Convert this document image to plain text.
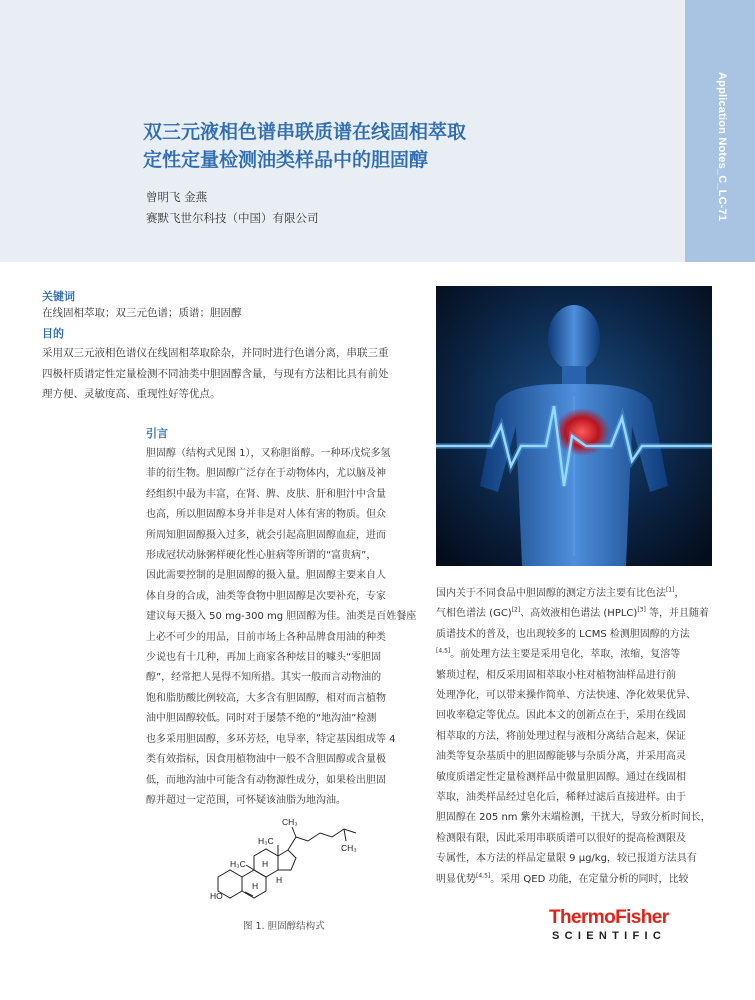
Application Notes_C_LC-71
双三元液相色谱串联质谱在线固相萃取
定性定量检测油类样品中的胆固醇
曾明飞 金燕
赛默飞世尔科技（中国）有限公司
关键词
在线固相萃取；双三元色谱；质谱；胆固醇
目的
采用双三元液相色谱仪在线固相萃取除杂，并同时进行色谱分离，串联三重
四极杆质谱定性定量检测不同油类中胆固醇含量，与现有方法相比具有前处
理方便、灵敏度高、重现性好等优点。
引言
胆固醇（结构式见图 1），又称胆甾醇。一种环戊烷多氢
菲的衍生物。胆固醇广泛存在于动物体内，尤以脑及神
经组织中最为丰富，在肾、脾、皮肤、肝和胆汁中含量
也高，所以胆固醇本身并非是对人体有害的物质。但众
所周知胆固醇摄入过多，就会引起高胆固醇血症，进而
形成冠状动脉粥样硬化性心脏病等所谓的“富贵病”，
因此需要控制的是胆固醇的摄入量。胆固醇主要来自人
体自身的合成，油类等食物中胆固醇是次要补充，专家
建议每天摄入 50 mg-300 mg 胆固醇为佳。油类是百姓餐座
上必不可少的用品，目前市场上各种品牌食用油的种类
少说也有十几种，再加上商家各种炫目的噱头“零胆固
醇”，经常把人晃得不知所措。其实一般而言动物油的
饱和脂肪酸比例较高，大多含有胆固醇，相对而言植物
油中胆固醇较低。同时对于屡禁不绝的“地沟油”检测
也多采用胆固醇，多环芳烃，电导率，特定基因组成等 4
类有效指标，因食用植物油中一般不含胆固醇或含量极
低，而地沟油中可能含有动物源性成分，如果检出胆固
醇并超过一定范围，可怀疑该油脂为地沟油。
国内关于不同食品中胆固醇的测定方法主要有比色法[1]，
气相色谱法 (GC)[2]、高效液相色谱法 (HPLC)[3] 等，并且随着
质谱技术的普及，也出现较多的 LCMS 检测胆固醇的方法
[4,5]。前处理方法主要是采用皂化，萃取，浓缩，复溶等
繁琐过程，相反采用固相萃取小柱对植物油样品进行前
处理净化，可以带来操作简单、方法快速、净化效果优异、
回收率稳定等优点。因此本文的创新点在于，采用在线固
相萃取的方法，将前处理过程与液相分离结合起来，保证
油类等复杂基质中的胆固醇能够与杂质分离，并采用高灵
敏度质谱定性定量检测样品中微量胆固醇。通过在线固相
萃取，油类样品经过皂化后，稀释过滤后直接进样。由于
胆固醇在 205 nm 紫外末端检测，干扰大，导致分析时间长，
检测限有限，因此采用串联质谱可以很好的提高检测限及
专属性，本方法的样品定量限 9 μg/kg，较已报道方法具有
明显优势[4,5]。采用 QED 功能，在定量分析的同时，比较
HO
H₃C
H₃C
CH₃
CH₃
H
H
H
图 1. 胆固醇结构式	ThermoFisher
SCIENTIFIC
